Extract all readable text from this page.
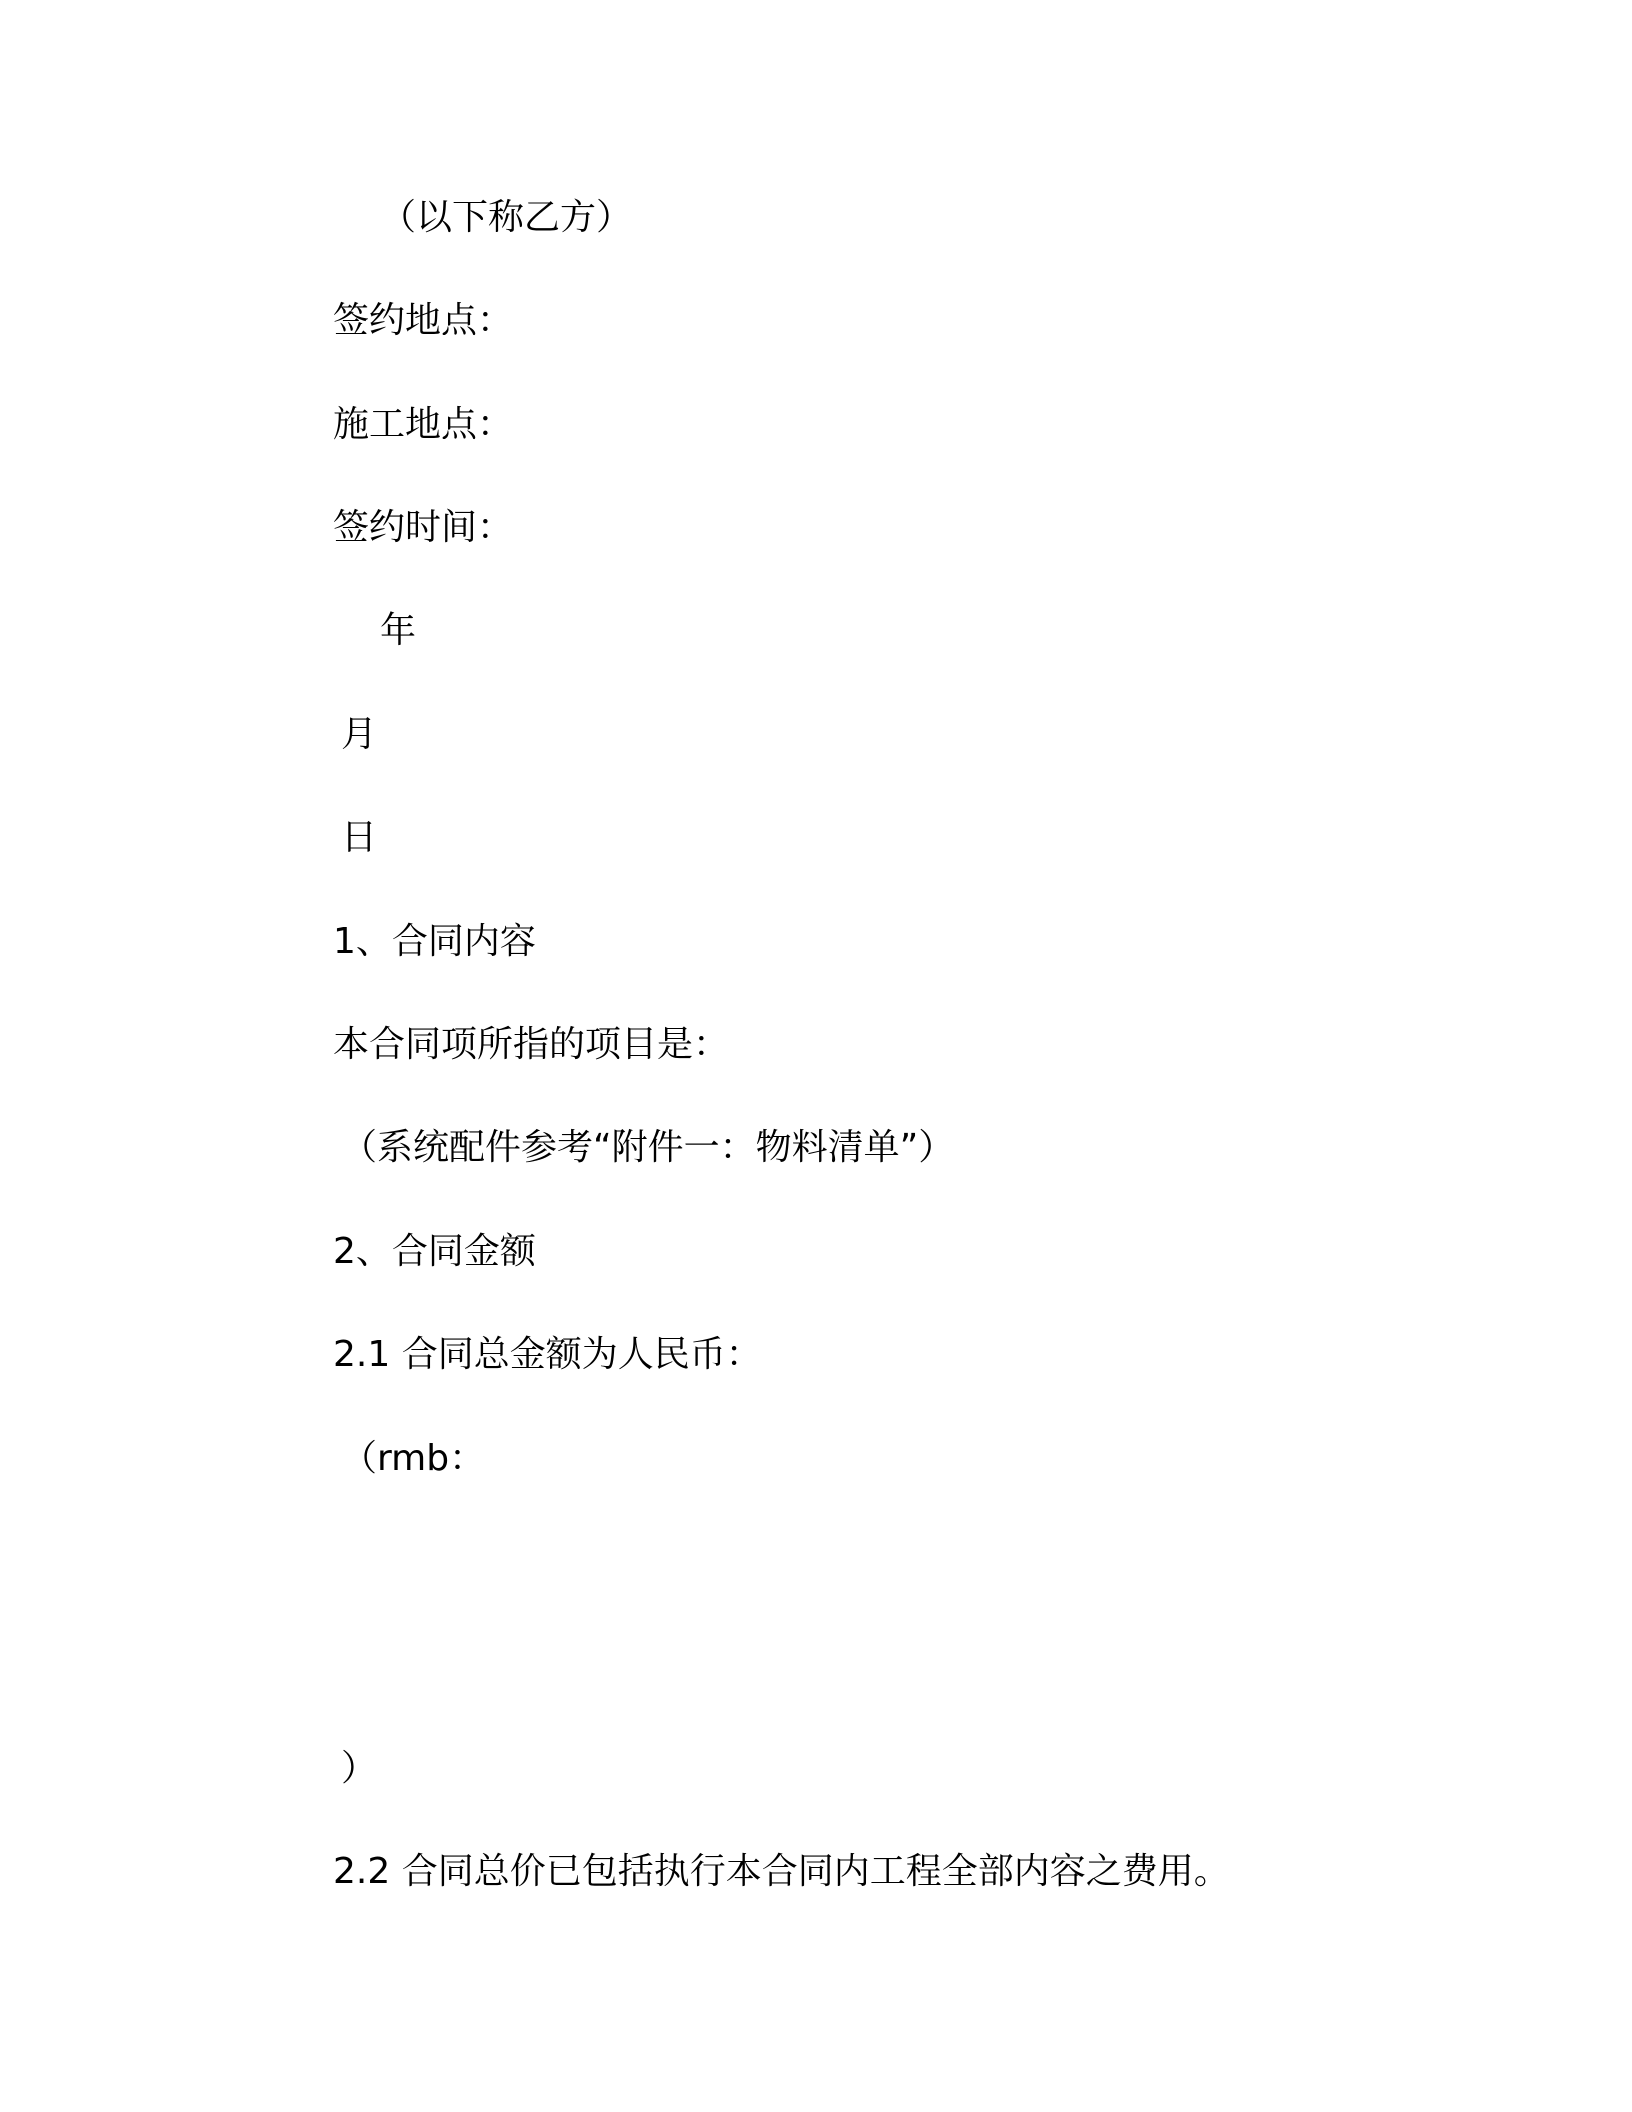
（以下称乙方）
签约地点：
施工地点：
签约时间：
年
月
日
1、合同内容
本合同项所指的项目是：
（系统配件参考“附件一：物料清单”）
2、合同金额
2.1 合同总金额为人民币：
（rmb：
）
2.2 合同总价已包括执行本合同内工程全部内容之费用。
